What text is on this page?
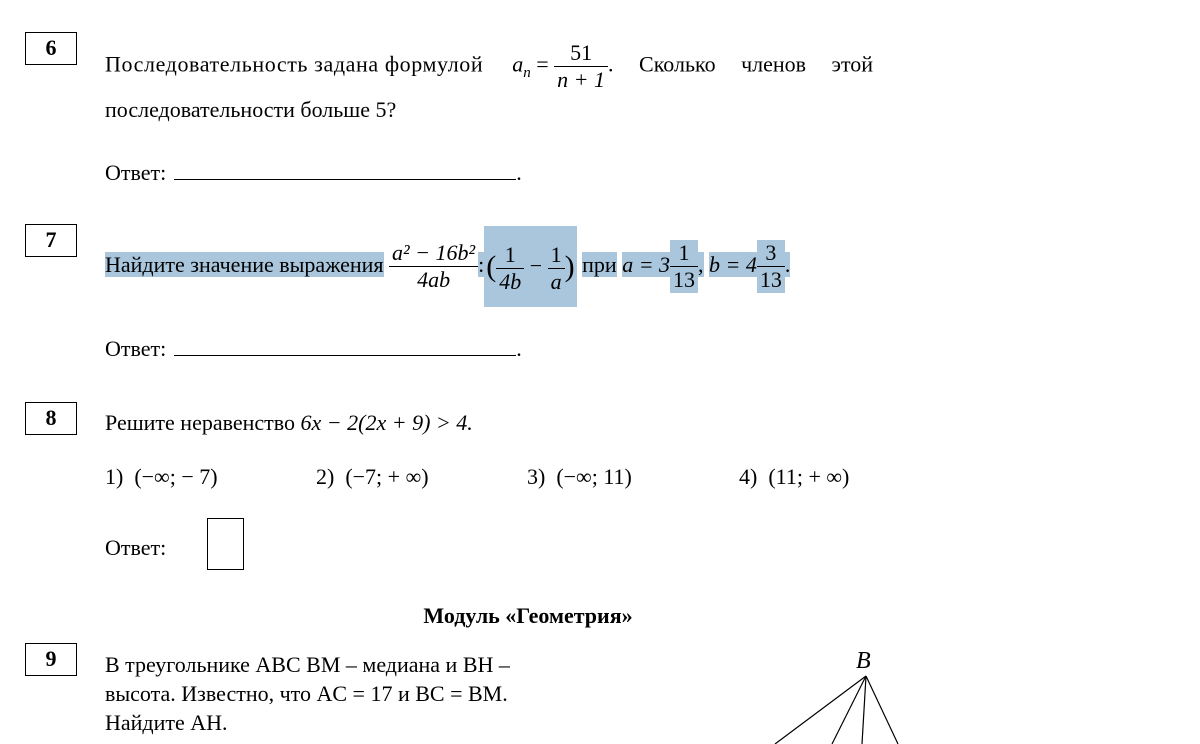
6
Последовательность задана формулой $a_n = \frac{51}{n + 1}$ . Сколько членов этой
последовательности больше 5?
Ответ:	.
7
Найдите значение выражения $\frac{\text{a² − 16b²}}{4ab}$ :( $\frac{1}{4b} - \frac{1}{a}$ ) при $a = 3 \frac{1}{13}$ , $b = 4 \frac{3}{13}$ .
Ответ:	.
8	Решите неравенство 6x − 2(2x + 9) > 4.
1) (−∞; − 7)	2) (−7; + ∞)	3) (−∞; 11)	4) (11; + ∞)
Ответ:
Модуль «Геометрия»
9	В треугольнике ABC BM – медиана и BH –
высота. Известно, что AC = 17 и BC = BM.
Найдите AH.
B
